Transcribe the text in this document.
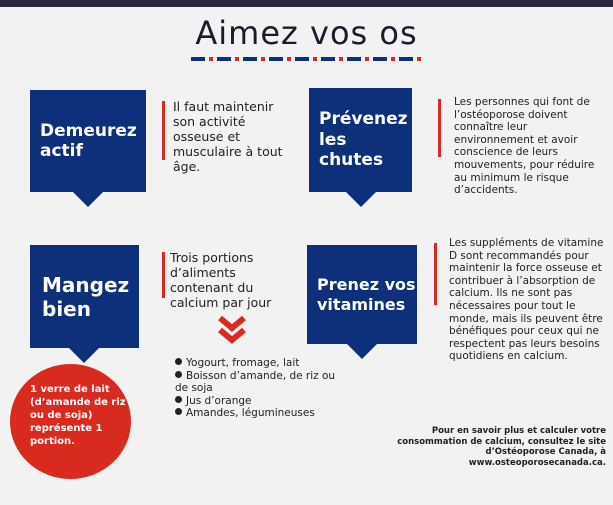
Aimez vos os
Demeurez actif
Il faut maintenir son activité osseuse et musculaire à tout âge.
Prévenez les chutes
Les personnes qui font de l’ostéoporose doivent connaître leur environnement et avoir conscience de leurs mouvements, pour réduire au minimum le risque d’accidents.
Mangez bien
Trois portions d’aliments contenant du calcium par jour
Yogourt, fromage, lait
Boisson d’amande, de riz ou de soja
Jus d’orange
Amandes, légumineuses
1 verre de lait (d’amande de riz ou de soja) représente 1 portion.
Prenez vos vitamines
Les suppléments de vitamine D sont recommandés pour maintenir la force osseuse et contribuer à l’absorption de calcium. Ils ne sont pas nécessaires pour tout le monde, mais ils peuvent être bénéfiques pour ceux qui ne respectent pas leurs besoins quotidiens en calcium.
Pour en savoir plus et calculer votre consommation de calcium, consultez le site d’Ostéoporose Canada, à www.osteoporosecanada.ca.
